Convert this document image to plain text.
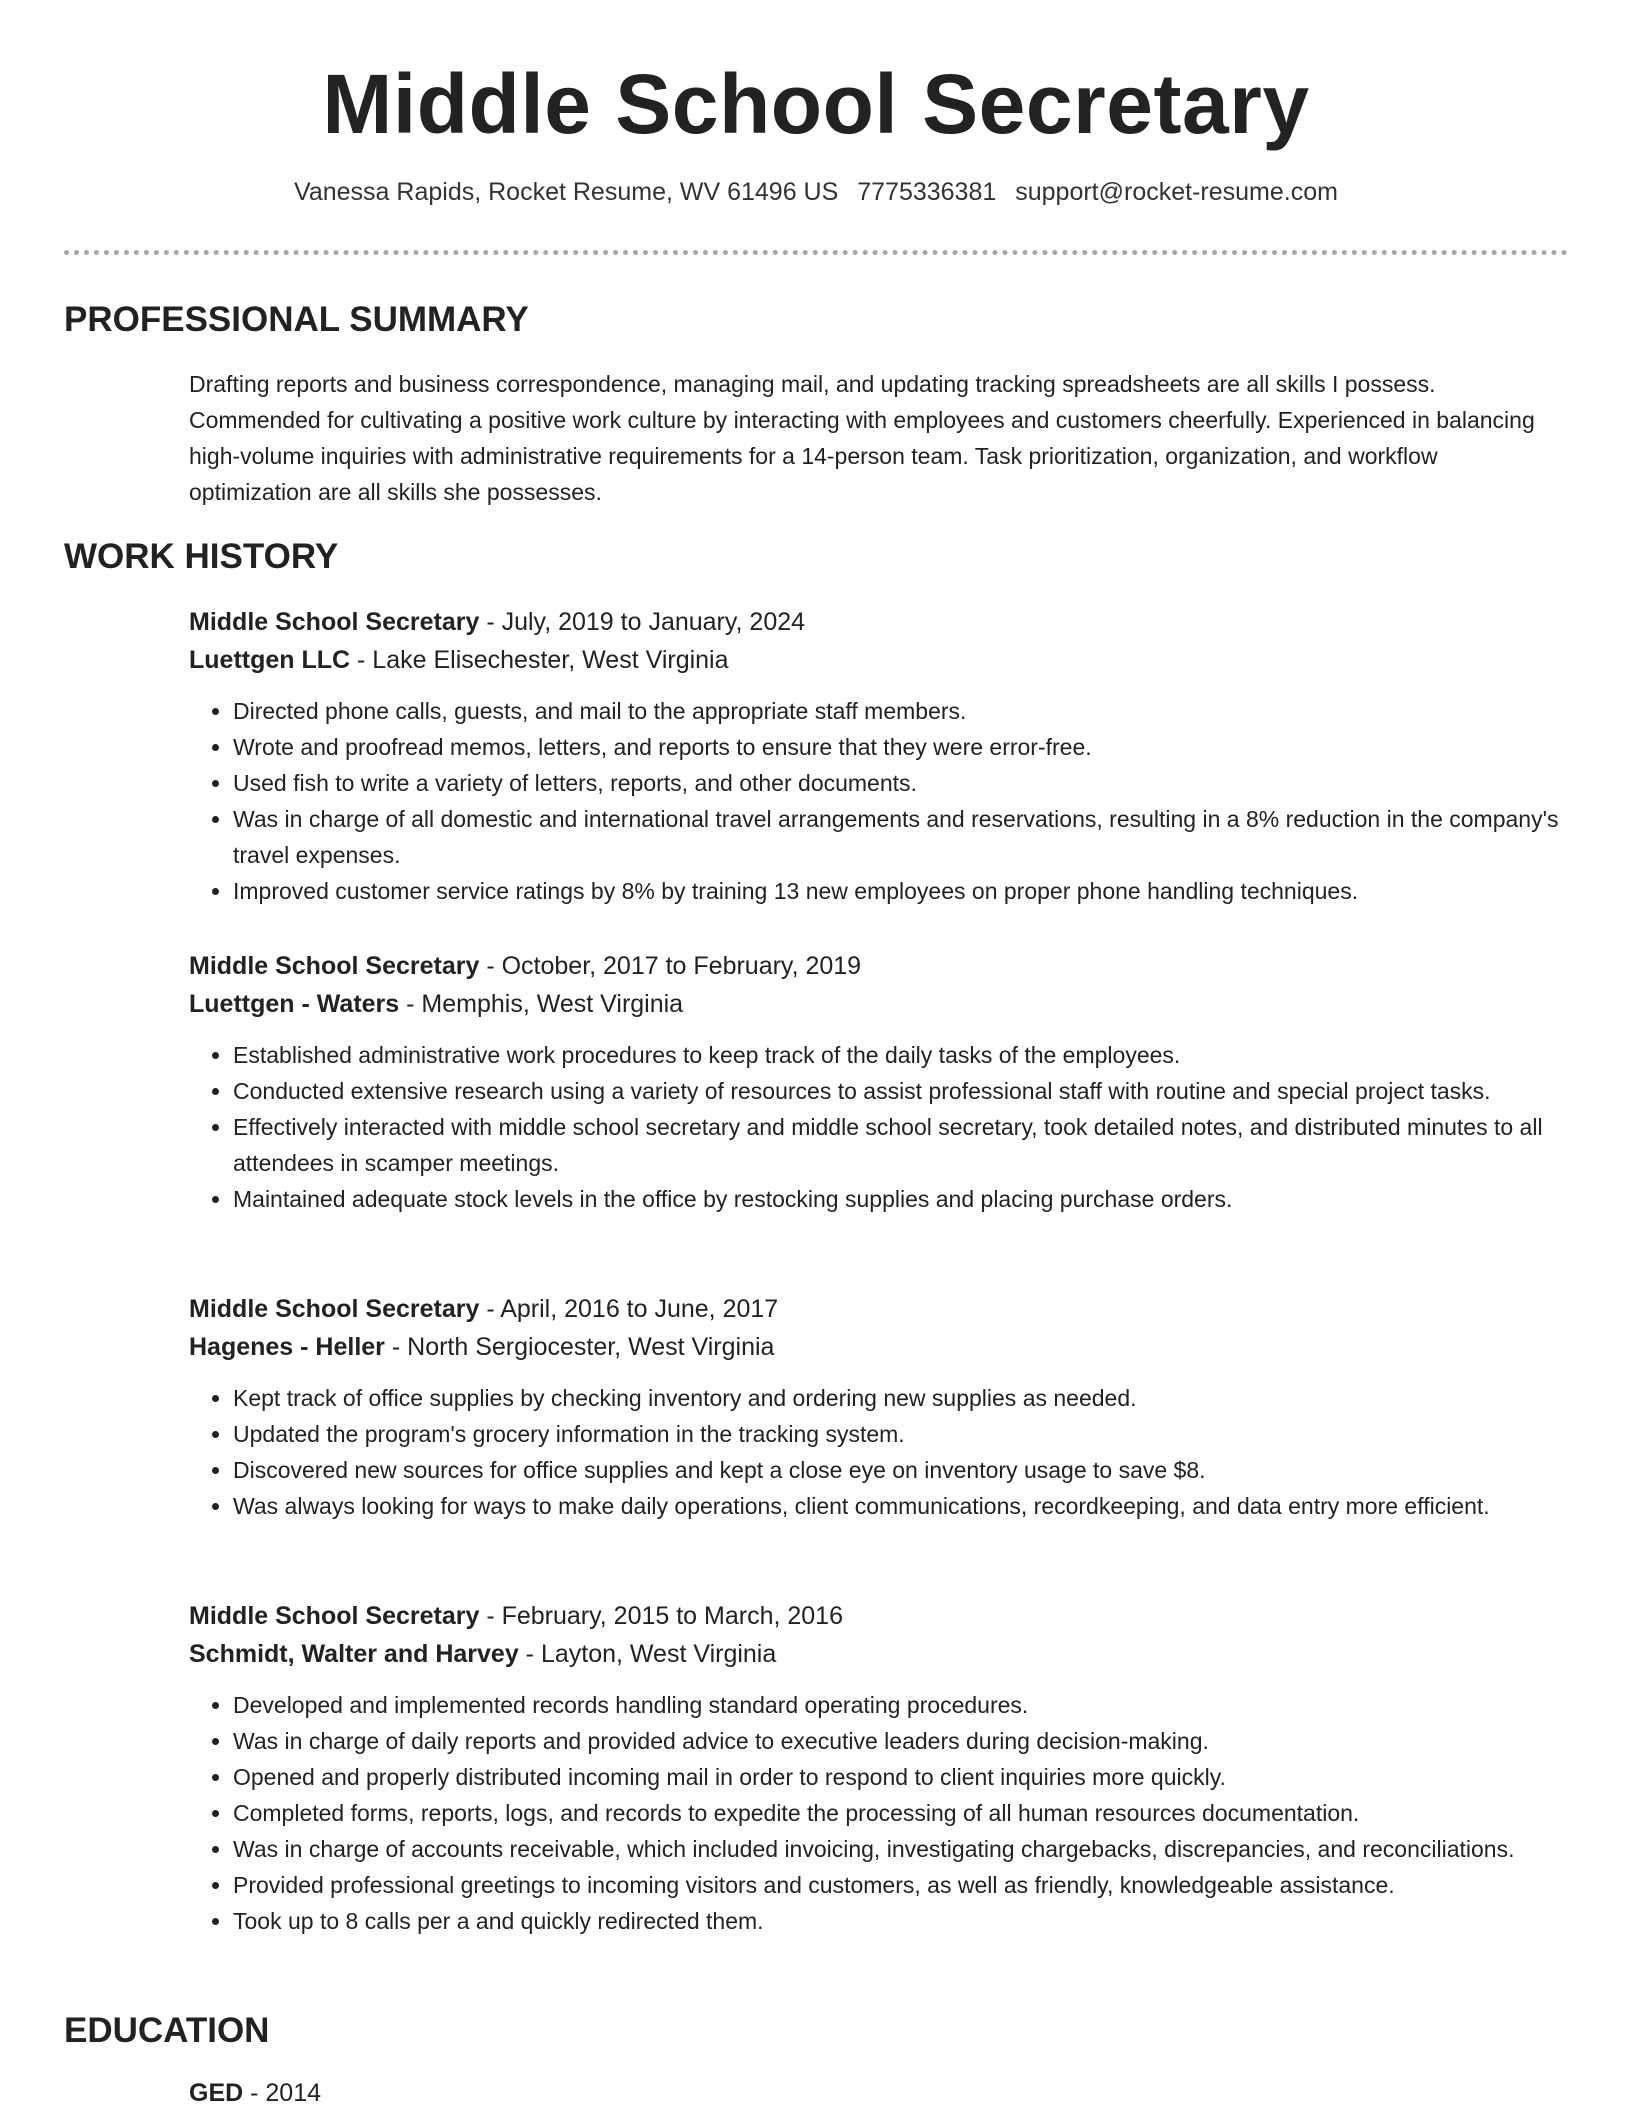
Middle School Secretary
Vanessa Rapids, Rocket Resume, WV 61496 US 7775336381 support@rocket-resume.com
PROFESSIONAL SUMMARY

Drafting reports and business correspondence, managing mail, and updating tracking spreadsheets are all skills I possess. Commended for cultivating a positive work culture by interacting with employees and customers cheerfully. Experienced in balancing high-volume inquiries with administrative requirements for a 14-person team. Task prioritization, organization, and workflow optimization are all skills she possesses.

WORK HISTORY
Middle School Secretary - July, 2019 to January, 2024
Luettgen LLC - Lake Elisechester, West Virginia
• Directed phone calls, guests, and mail to the appropriate staff members.
• Wrote and proofread memos, letters, and reports to ensure that they were error-free.
• Used fish to write a variety of letters, reports, and other documents.
• Was in charge of all domestic and international travel arrangements and reservations, resulting in a 8% reduction in the company's travel expenses.
• Improved customer service ratings by 8% by training 13 new employees on proper phone handling techniques.
Middle School Secretary - October, 2017 to February, 2019
Luettgen - Waters - Memphis, West Virginia
• Established administrative work procedures to keep track of the daily tasks of the employees.
• Conducted extensive research using a variety of resources to assist professional staff with routine and special project tasks.
• Effectively interacted with middle school secretary and middle school secretary, took detailed notes, and distributed minutes to all attendees in scamper meetings.
• Maintained adequate stock levels in the office by restocking supplies and placing purchase orders.
Middle School Secretary - April, 2016 to June, 2017
Hagenes - Heller - North Sergiocester, West Virginia
• Kept track of office supplies by checking inventory and ordering new supplies as needed.
• Updated the program's grocery information in the tracking system.
• Discovered new sources for office supplies and kept a close eye on inventory usage to save $8.
• Was always looking for ways to make daily operations, client communications, recordkeeping, and data entry more efficient.
Middle School Secretary - February, 2015 to March, 2016
Schmidt, Walter and Harvey - Layton, West Virginia
• Developed and implemented records handling standard operating procedures.
• Was in charge of daily reports and provided advice to executive leaders during decision-making.
• Opened and properly distributed incoming mail in order to respond to client inquiries more quickly.
• Completed forms, reports, logs, and records to expedite the processing of all human resources documentation.
• Was in charge of accounts receivable, which included invoicing, investigating chargebacks, discrepancies, and reconciliations.
• Provided professional greetings to incoming visitors and customers, as well as friendly, knowledgeable assistance.
• Took up to 8 calls per a and quickly redirected them.
EDUCATION
GED - 2014
